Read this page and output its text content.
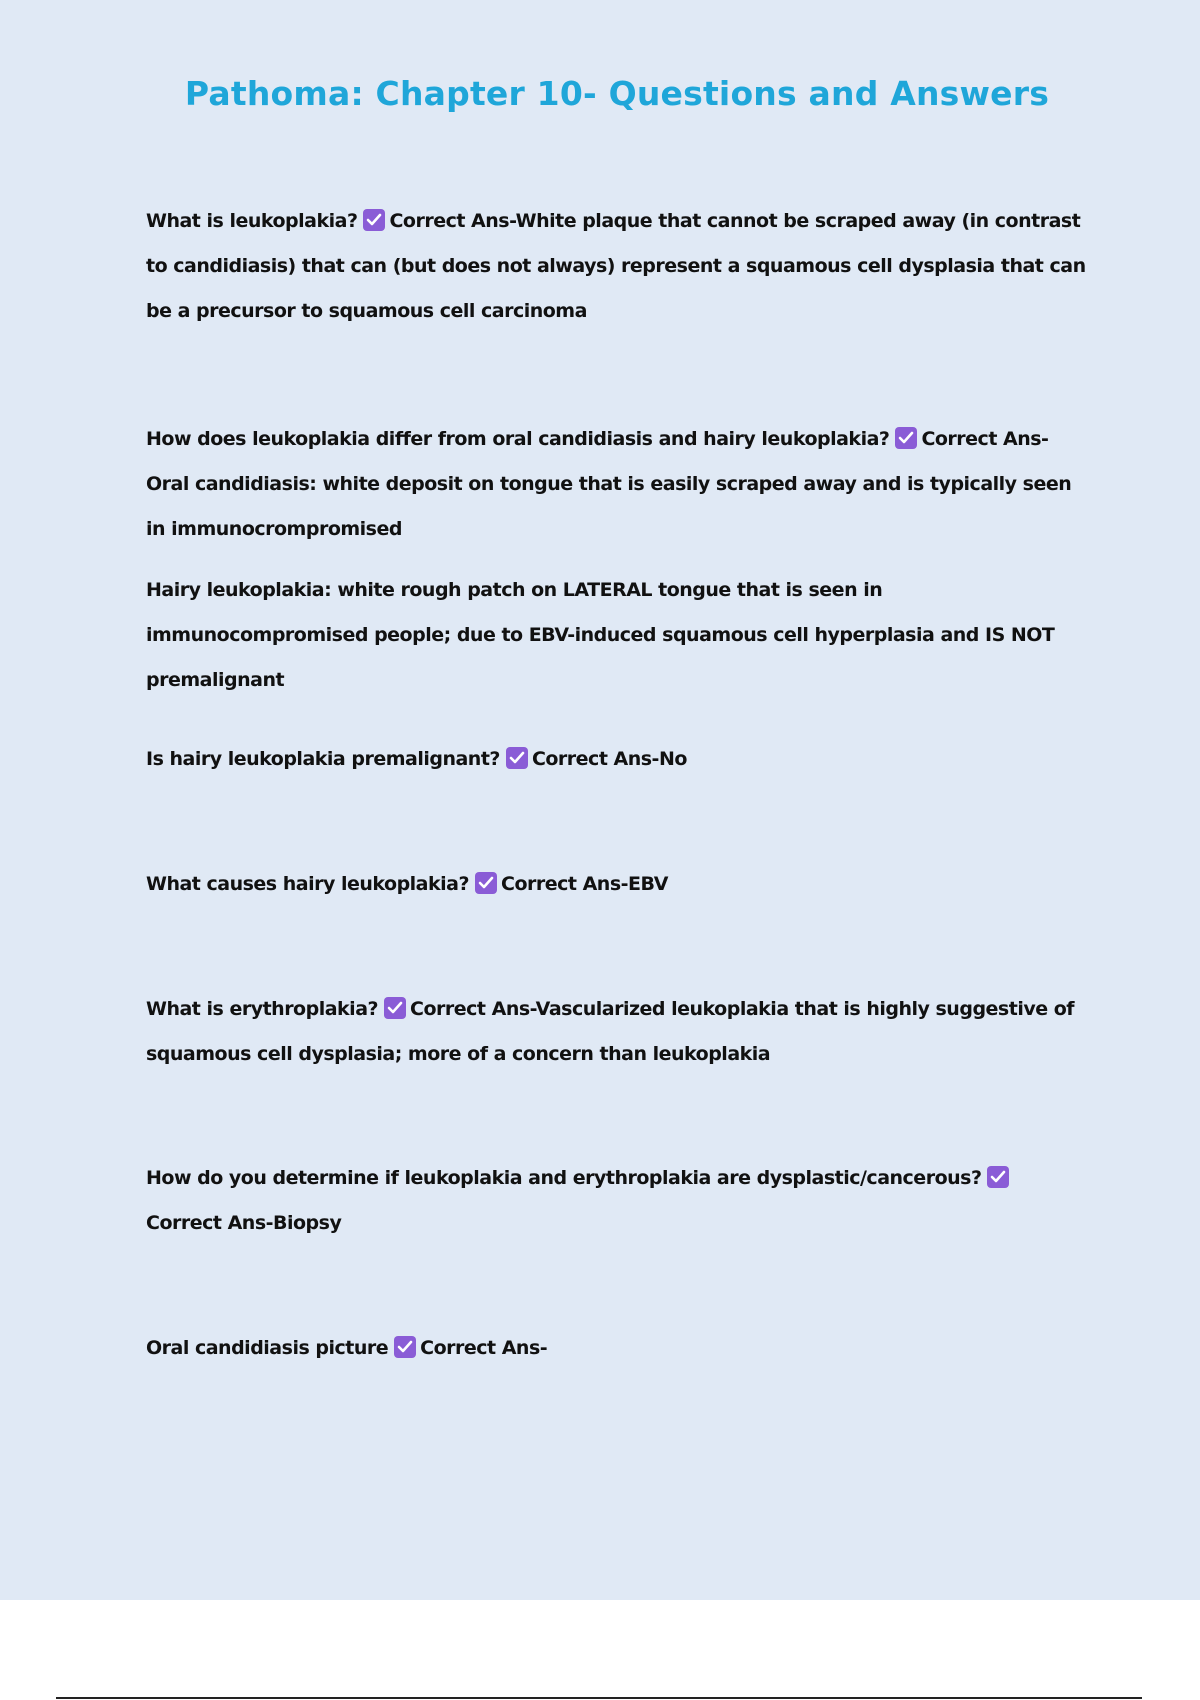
Pathoma: Chapter 10- Questions and Answers
What is leukoplakia? Correct Ans-White plaque that cannot be scraped away (in contrast to candidiasis) that can (but does not always) represent a squamous cell dysplasia that can be a precursor to squamous cell carcinoma

How does leukoplakia differ from oral candidiasis and hairy leukoplakia? Correct Ans-Oral candidiasis: white deposit on tongue that is easily scraped away and is typically seen in immunocrompromised

Hairy leukoplakia: white rough patch on LATERAL tongue that is seen in immunocompromised people; due to EBV-induced squamous cell hyperplasia and IS NOT premalignant

Is hairy leukoplakia premalignant? Correct Ans-No
What causes hairy leukoplakia? Correct Ans-EBV
What is erythroplakia? Correct Ans-Vascularized leukoplakia that is highly suggestive of squamous cell dysplasia; more of a concern than leukoplakia
How do you determine if leukoplakia and erythroplakia are dysplastic/cancerous?
Correct Ans-Biopsy
Oral candidiasis picture Correct Ans-
